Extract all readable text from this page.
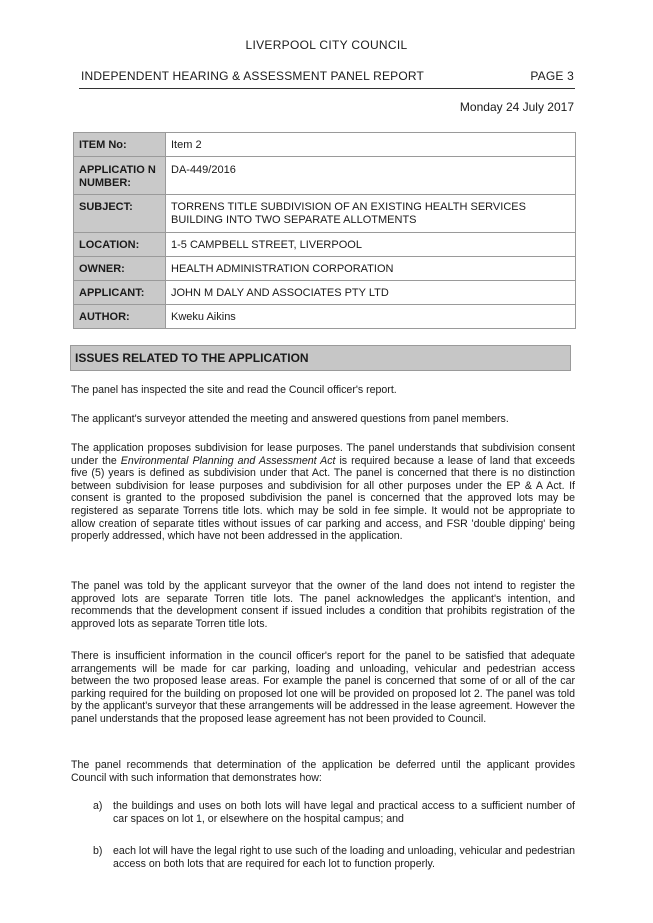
LIVERPOOL CITY COUNCIL
INDEPENDENT HEARING & ASSESSMENT PANEL REPORT	PAGE 3
Monday 24 July 2017
ITEM No:	Item 2
APPLICATIO N NUMBER:	DA-449/2016
SUBJECT:	TORRENS TITLE SUBDIVISION OF AN EXISTING HEALTH SERVICES BUILDING INTO TWO SEPARATE ALLOTMENTS
LOCATION:	1-5 CAMPBELL STREET, LIVERPOOL
OWNER:	HEALTH ADMINISTRATION CORPORATION
APPLICANT:	JOHN M DALY AND ASSOCIATES PTY LTD
AUTHOR:	Kweku Aikins
ISSUES RELATED TO THE APPLICATION

The panel has inspected the site and read the Council officer's report.

The applicant's surveyor attended the meeting and answered questions from panel members.

The application proposes subdivision for lease purposes. The panel understands that subdivision consent under the Environmental Planning and Assessment Act is required because a lease of land that exceeds five (5) years is defined as subdivision under that Act. The panel is concerned that there is no distinction between subdivision for lease purposes and subdivision for all other purposes under the EP & A Act. If consent is granted to the proposed subdivision the panel is concerned that the approved lots may be registered as separate Torrens title lots. which may be sold in fee simple. It would not be appropriate to allow creation of separate titles without issues of car parking and access, and FSR 'double dipping' being properly addressed, which have not been addressed in the application.

The panel was told by the applicant surveyor that the owner of the land does not intend to register the approved lots are separate Torren title lots. The panel acknowledges the applicant's intention, and recommends that the development consent if issued includes a condition that prohibits registration of the approved lots as separate Torren title lots.

There is insufficient information in the council officer's report for the panel to be satisfied that adequate arrangements will be made for car parking, loading and unloading, vehicular and pedestrian access between the two proposed lease areas. For example the panel is concerned that some of or all of the car parking required for the building on proposed lot one will be provided on proposed lot 2. The panel was told by the applicant's surveyor that these arrangements will be addressed in the lease agreement. However the panel understands that the proposed lease agreement has not been provided to Council.

The panel recommends that determination of the application be deferred until the applicant provides Council with such information that demonstrates how:

a) the buildings and uses on both lots will have legal and practical access to a sufficient number of car spaces on lot 1, or elsewhere on the hospital campus; and
b) each lot will have the legal right to use such of the loading and unloading, vehicular and pedestrian access on both lots that are required for each lot to function properly.
